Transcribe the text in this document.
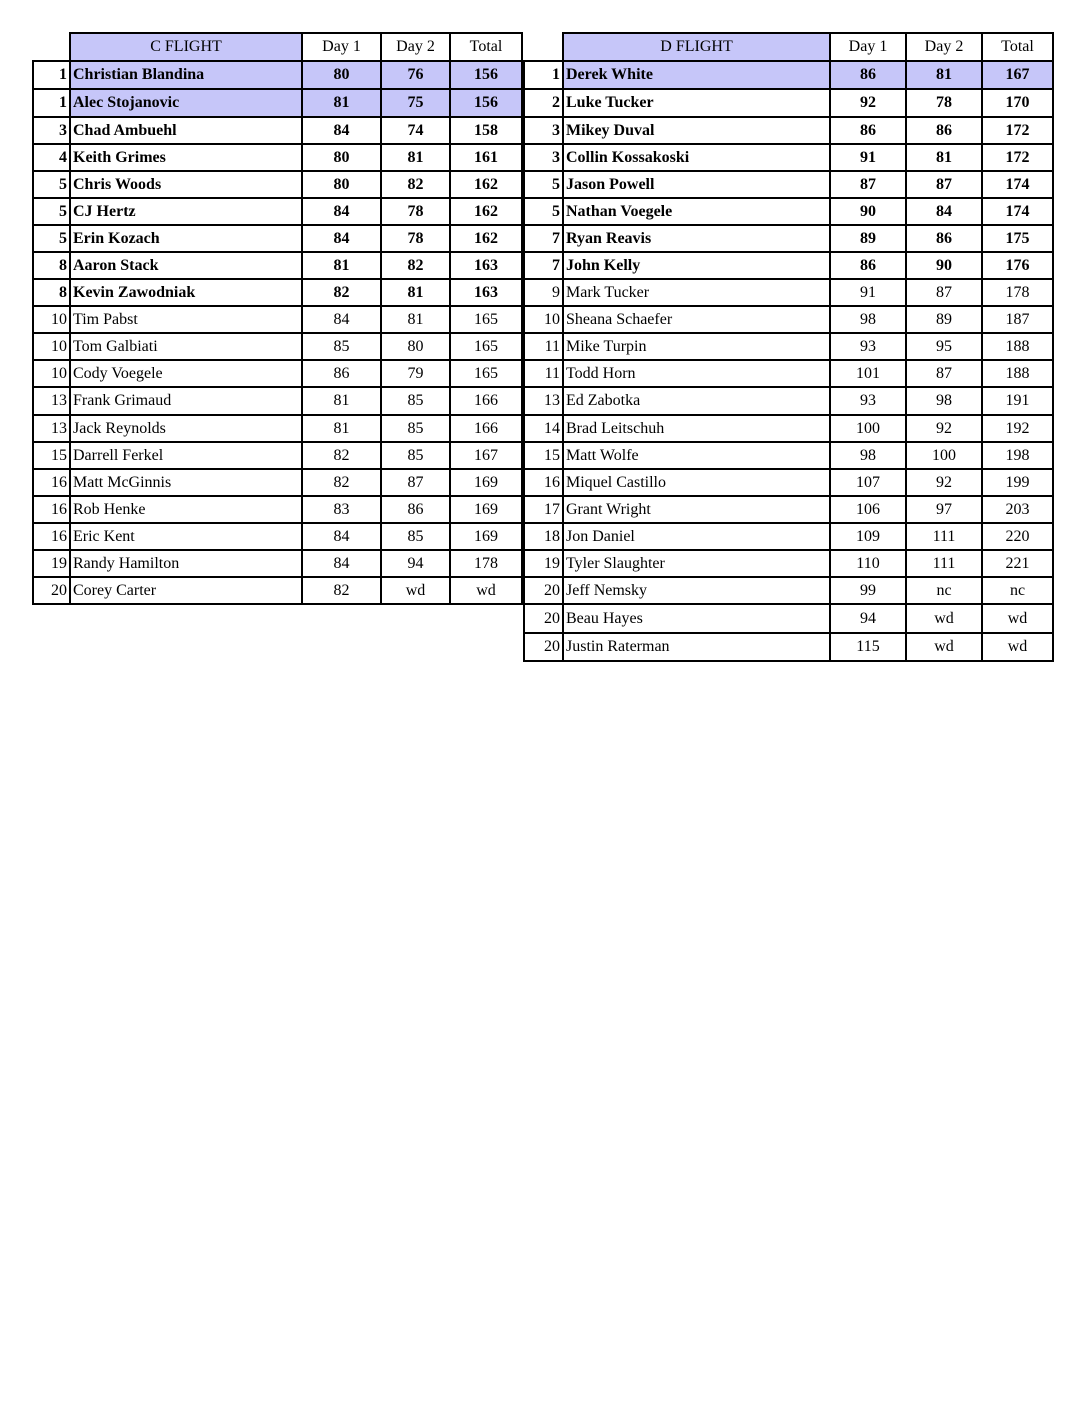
	C FLIGHT	Day 1	Day 2	Total
1	Christian Blandina	80	76	156
1	Alec Stojanovic	81	75	156
3	Chad Ambuehl	84	74	158
4	Keith Grimes	80	81	161
5	Chris Woods	80	82	162
5	CJ Hertz	84	78	162
5	Erin Kozach	84	78	162
8	Aaron Stack	81	82	163
8	Kevin Zawodniak	82	81	163
10	Tim Pabst	84	81	165
10	Tom Galbiati	85	80	165
10	Cody Voegele	86	79	165
13	Frank Grimaud	81	85	166
13	Jack Reynolds	81	85	166
15	Darrell Ferkel	82	85	167
16	Matt McGinnis	82	87	169
16	Rob Henke	83	86	169
16	Eric Kent	84	85	169
19	Randy Hamilton	84	94	178
20	Corey Carter	82	wd	wd
	D FLIGHT	Day 1	Day 2	Total
1	Derek White	86	81	167
2	Luke Tucker	92	78	170
3	Mikey Duval	86	86	172
3	Collin Kossakoski	91	81	172
5	Jason Powell	87	87	174
5	Nathan Voegele	90	84	174
7	Ryan Reavis	89	86	175
7	John Kelly	86	90	176
9	Mark Tucker	91	87	178
10	Sheana Schaefer	98	89	187
11	Mike Turpin	93	95	188
11	Todd Horn	101	87	188
13	Ed Zabotka	93	98	191
14	Brad Leitschuh	100	92	192
15	Matt Wolfe	98	100	198
16	Miquel Castillo	107	92	199
17	Grant Wright	106	97	203
18	Jon Daniel	109	111	220
19	Tyler Slaughter	110	111	221
20	Jeff Nemsky	99	nc	nc
20	Beau Hayes	94	wd	wd
20	Justin Raterman	115	wd	wd
